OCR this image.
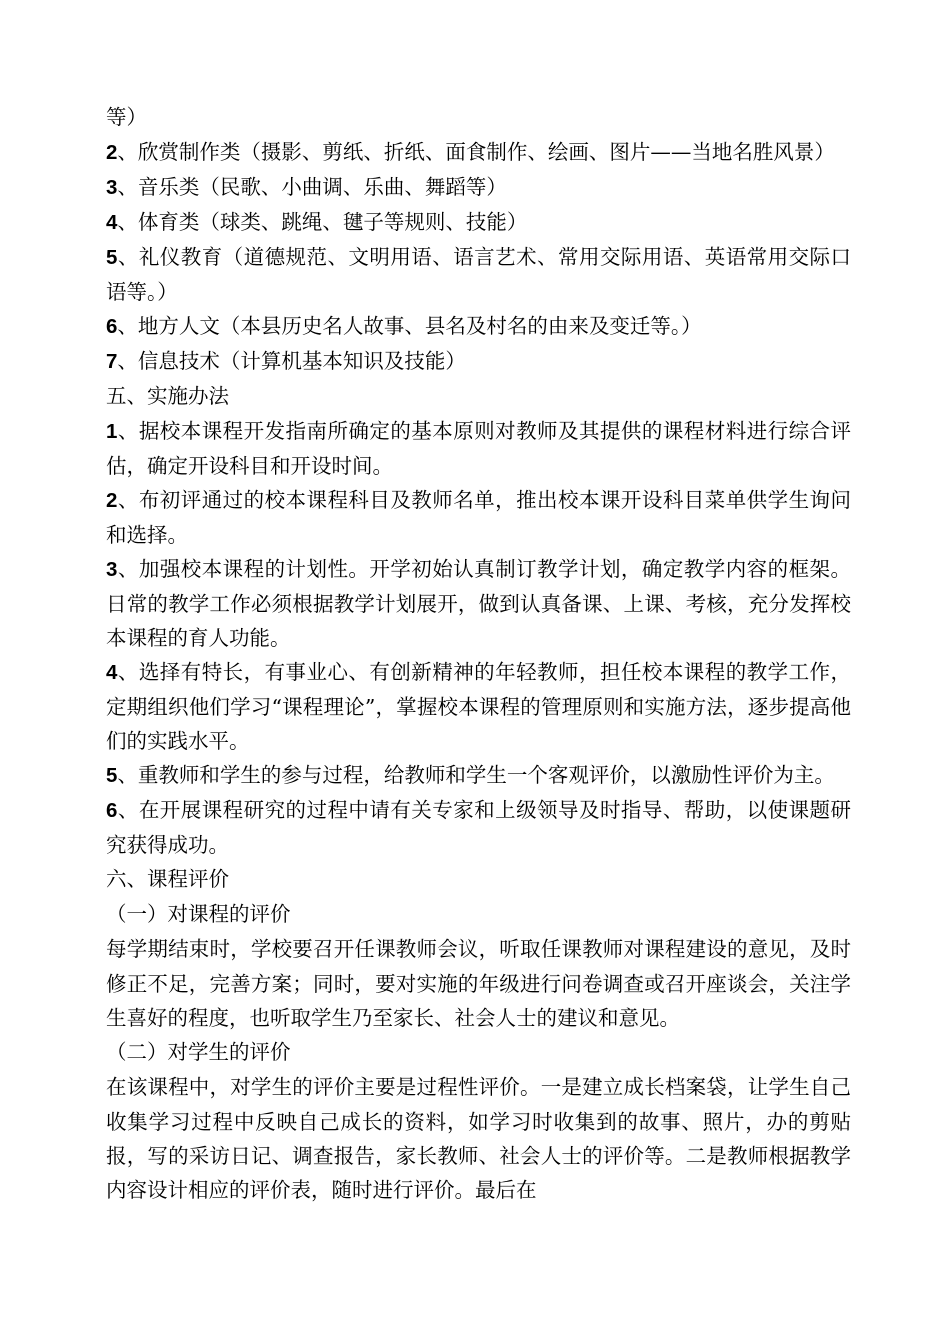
等）

2、欣赏制作类（摄影、剪纸、折纸、面食制作、绘画、图片——当地名胜风景）

3、音乐类（民歌、小曲调、乐曲、舞蹈等）

4、体育类（球类、跳绳、毽子等规则、技能）

5、礼仪教育（道德规范、文明用语、语言艺术、常用交际用语、英语常用交际口语等。）

6、地方人文（本县历史名人故事、县名及村名的由来及变迁等。）

7、信息技术（计算机基本知识及技能）

五、实施办法

1、据校本课程开发指南所确定的基本原则对教师及其提供的课程材料进行综合评估，确定开设科目和开设时间。

2、布初评通过的校本课程科目及教师名单，推出校本课开设科目菜单供学生询问和选择。

3、加强校本课程的计划性。开学初始认真制订教学计划，确定教学内容的框架。日常的教学工作必须根据教学计划展开，做到认真备课、上课、考核，充分发挥校本课程的育人功能。

4、选择有特长，有事业心、有创新精神的年轻教师，担任校本课程的教学工作，定期组织他们学习“课程理论”，掌握校本课程的管理原则和实施方法，逐步提高他们的实践水平。

5、重教师和学生的参与过程，给教师和学生一个客观评价，以激励性评价为主。

6、在开展课程研究的过程中请有关专家和上级领导及时指导、帮助，以使课题研究获得成功。

六、课程评价

（一）对课程的评价

每学期结束时，学校要召开任课教师会议，听取任课教师对课程建设的意见，及时修正不足，完善方案；同时，要对实施的年级进行问卷调查或召开座谈会，关注学生喜好的程度，也听取学生乃至家长、社会人士的建议和意见。

（二）对学生的评价

在该课程中，对学生的评价主要是过程性评价。一是建立成长档案袋，让学生自己收集学习过程中反映自己成长的资料，如学习时收集到的故事、照片，办的剪贴报，写的采访日记、调查报告，家长教师、社会人士的评价等。二是教师根据教学内容设计相应的评价表，随时进行评价。最后在
